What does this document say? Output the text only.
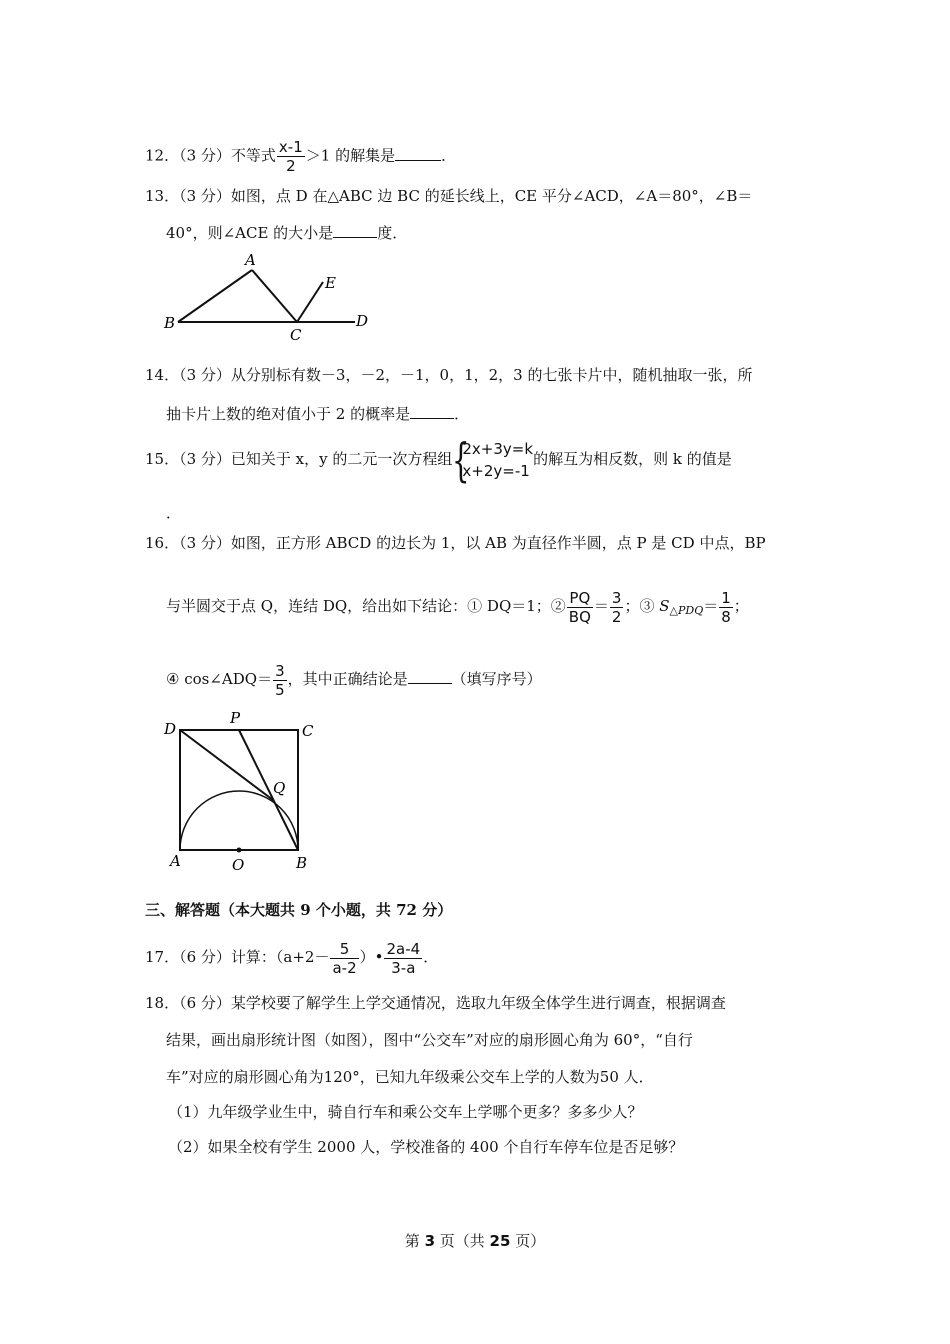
12．（3 分）不等式 $\frac{x-1}{2} >1$ 的解集是	．
13．（3 分）如图，点 D 在△ABC 边 BC 的延长线上，CE 平分∠ACD，∠A＝80°，∠B＝
40°，则∠ACE 的大小是	度．
A
B
C
D
E
14．（3 分）从分别标有数－3，－2，－1，0，1，2，3 的七张卡片中，随机抽取一张，所
抽卡片上数的绝对值小于 2 的概率是	．
15．（3 分）已知关于 x，y 的二元一次方程组 {
2x+3y=k
x+2y=-1
的解互为相反数，则 k 的值是
．
16．（3 分）如图，正方形 ABCD 的边长为 1，以 AB 为直径作半圆，点 P 是 CD 中点，BP
与半圆交于点 Q，连结 DQ，给出如下结论：① DQ＝1；② $\frac{PQ}{BQ} = \frac{3}{2}$ ；③ $S_{\triangle PDQ}= \frac{1}{8}$ ；
④ cos∠ADQ＝ $\frac{3}{5}$ ，其中正确结论是	（填写序号）
D
P
C
Q
A	O	B
三、解答题（本大题共 9 个小题，共 72 分）
17．（6 分）计算：（$a+2- \frac{5}{a-2}$ ）• $\frac{2a-4}{3-a}$ ．
18．（6 分）某学校要了解学生上学交通情况，选取九年级全体学生进行调查，根据调查
结果，画出扇形统计图（如图），图中“公交车”对应的扇形圆心角为 60°，“自行
车”对应的扇形圆心角为120°，已知九年级乘公交车上学的人数为50 人．
（1）九年级学业生中，骑自行车和乘公交车上学哪个更多？多多少人？
（2）如果全校有学生 2000 人，学校准备的 400 个自行车停车位是否足够？
第 3 页（共 25 页）
